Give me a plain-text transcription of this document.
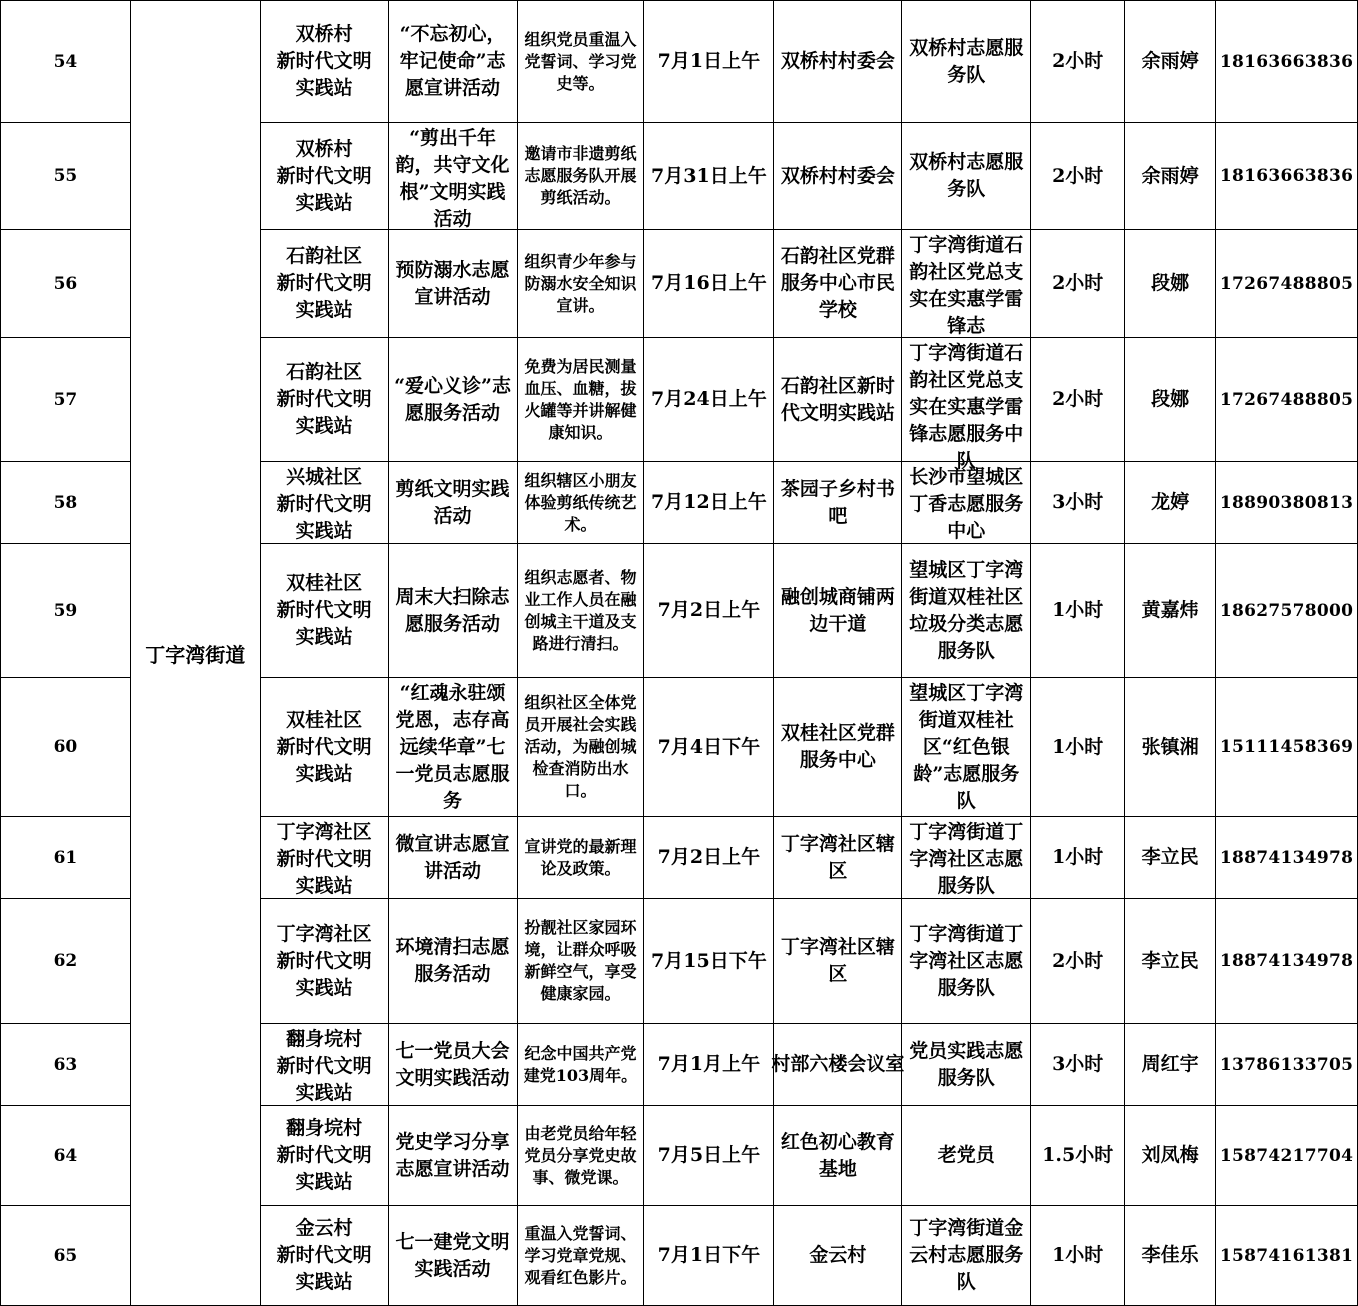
54	丁字湾街道	双桥村
新时代文明
实践站	“不忘初心，牢记使命”志愿宣讲活动	组织党员重温入党誓词、学习党史等。	7月1日上午	双桥村村委会	双桥村志愿服务队	2小时	余雨婷	18163663836

55		双桥村
新时代文明
实践站	“剪出千年韵，共守文化根”文明实践活动	邀请市非遗剪纸志愿服务队开展剪纸活动。	7月31日上午	双桥村村委会	双桥村志愿服务队	2小时	余雨婷	18163663836

56		石韵社区
新时代文明
实践站	预防溺水志愿宣讲活动	组织青少年参与防溺水安全知识宣讲。	7月16日上午	石韵社区党群服务中心市民学校	丁字湾街道石韵社区党总支实在实惠学雷锋志	2小时	段娜	17267488805

57		石韵社区
新时代文明
实践站	“爱心义诊”志愿服务活动	免费为居民测量血压、血糖，拔火罐等并讲解健康知识。	7月24日上午	石韵社区新时代文明实践站	丁字湾街道石韵社区党总支实在实惠学雷锋志愿服务中队	2小时	段娜	17267488805

58		兴城社区
新时代文明
实践站	剪纸文明实践活动	组织辖区小朋友体验剪纸传统艺术。	7月12日上午	茶园子乡村书吧	长沙市望城区丁香志愿服务中心	3小时	龙婷	18890380813

59		双桂社区
新时代文明
实践站	周末大扫除志愿服务活动	组织志愿者、物业工作人员在融创城主干道及支路进行清扫。	7月2日上午	融创城商铺两边干道	望城区丁字湾街道双桂社区垃圾分类志愿服务队	1小时	黄嘉炜	18627578000

60		双桂社区
新时代文明
实践站	“红魂永驻颂党恩，志存高远续华章”七一党员志愿服务	组织社区全体党员开展社会实践活动，为融创城检查消防出水口。	7月4日下午	双桂社区党群服务中心	望城区丁字湾街道双桂社区“红色银龄”志愿服务队	1小时	张镇湘	15111458369

61		丁字湾社区
新时代文明
实践站	微宣讲志愿宣讲活动	宣讲党的最新理论及政策。	7月2日上午	丁字湾社区辖区	丁字湾街道丁字湾社区志愿服务队	1小时	李立民	18874134978

62		丁字湾社区
新时代文明
实践站	环境清扫志愿服务活动	扮靓社区家园环境，让群众呼吸新鲜空气，享受健康家园。	7月15日下午	丁字湾社区辖区	丁字湾街道丁字湾社区志愿服务队	2小时	李立民	18874134978

63		翻身垸村
新时代文明
实践站	七一党员大会文明实践活动	纪念中国共产党建党103周年。	7月1月上午	村部六楼会议室	党员实践志愿服务队	3小时	周红宇	13786133705

64		翻身垸村
新时代文明
实践站	党史学习分享志愿宣讲活动	由老党员给年轻党员分享党史故事、微党课。	7月5日上午	红色初心教育基地	老党员	1.5小时	刘凤梅	15874217704

65		金云村
新时代文明
实践站	七一建党文明实践活动	重温入党誓词、学习党章党规、观看红色影片。	7月1日下午	金云村	丁字湾街道金云村志愿服务队	1小时	李佳乐	15874161381
